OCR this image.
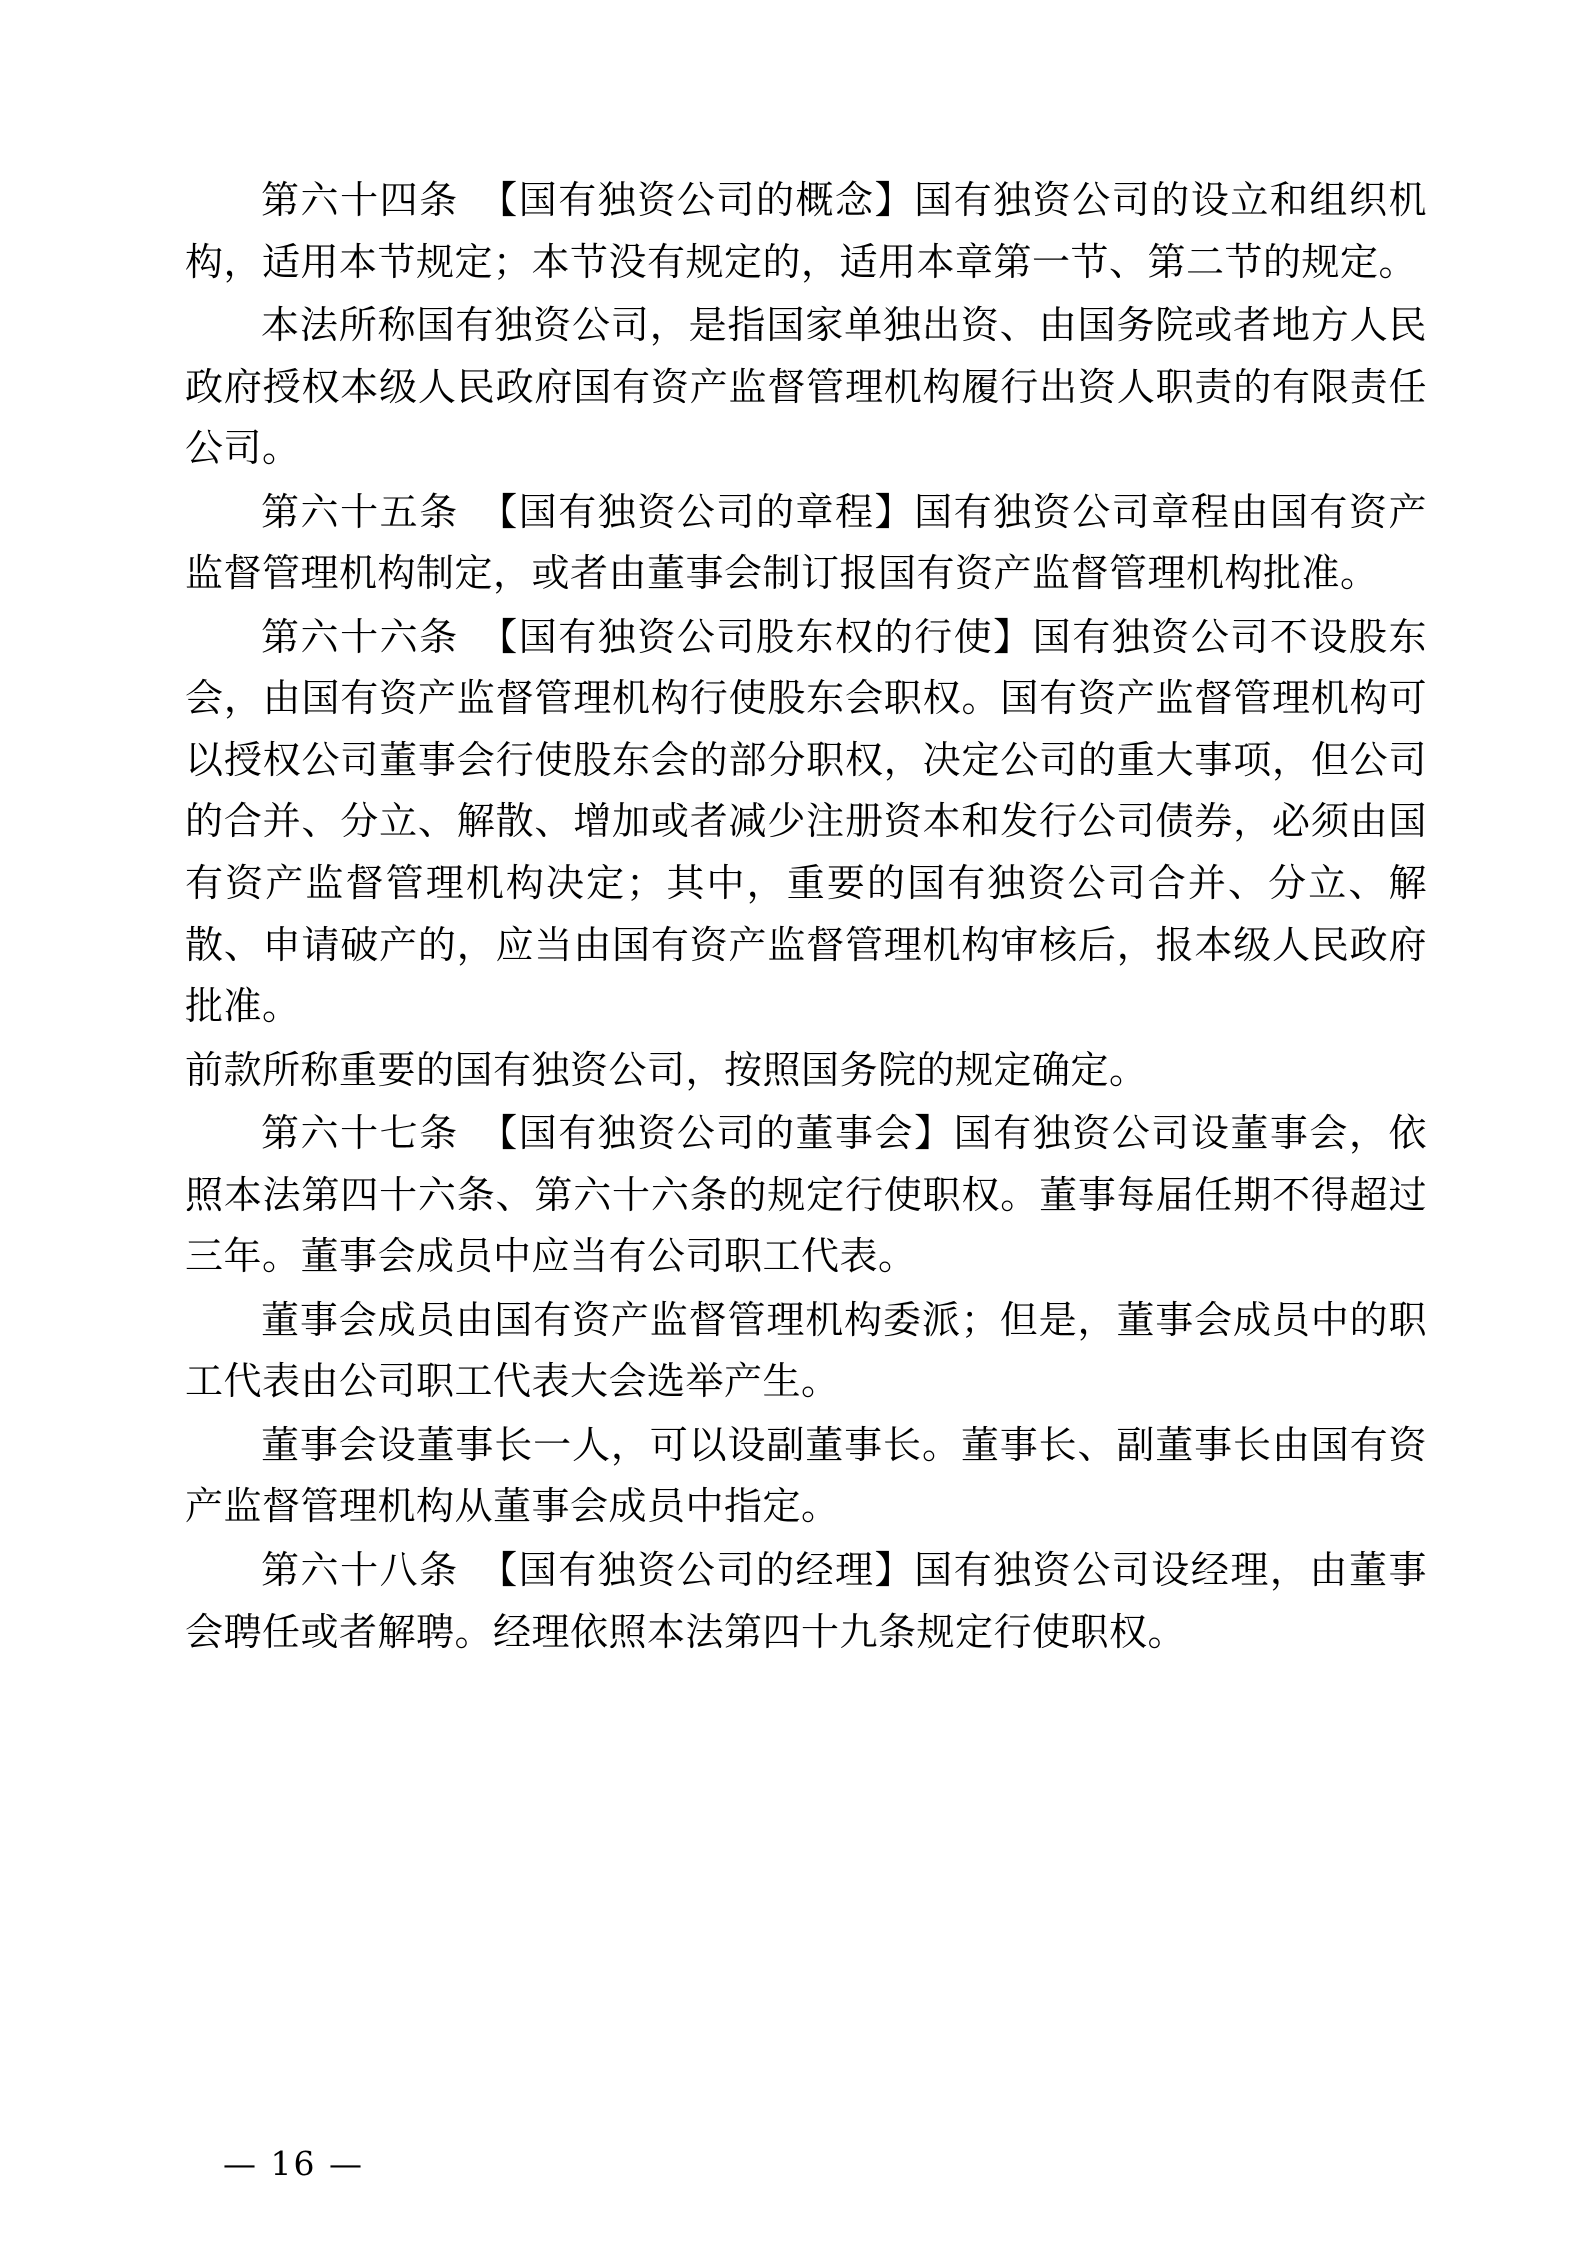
第六十四条　【国有独资公司的概念】国有独资公司的设立和组织机构，适用本节规定；本节没有规定的，适用本章第一节、第二节的规定。

本法所称国有独资公司，是指国家单独出资、由国务院或者地方人民政府授权本级人民政府国有资产监督管理机构履行出资人职责的有限责任公司。

第六十五条　【国有独资公司的章程】国有独资公司章程由国有资产监督管理机构制定，或者由董事会制订报国有资产监督管理机构批准。

第六十六条　【国有独资公司股东权的行使】国有独资公司不设股东会，由国有资产监督管理机构行使股东会职权。国有资产监督管理机构可以授权公司董事会行使股东会的部分职权，决定公司的重大事项，但公司的合并、分立、解散、增加或者减少注册资本和发行公司债券，必须由国有资产监督管理机构决定；其中，重要的国有独资公司合并、分立、解散、申请破产的，应当由国有资产监督管理机构审核后，报本级人民政府批准。

前款所称重要的国有独资公司，按照国务院的规定确定。

第六十七条　【国有独资公司的董事会】国有独资公司设董事会，依照本法第四十六条、第六十六条的规定行使职权。董事每届任期不得超过三年。董事会成员中应当有公司职工代表。

董事会成员由国有资产监督管理机构委派；但是，董事会成员中的职工代表由公司职工代表大会选举产生。

董事会设董事长一人，可以设副董事长。董事长、副董事长由国有资产监督管理机构从董事会成员中指定。

第六十八条　【国有独资公司的经理】国有独资公司设经理，由董事会聘任或者解聘。经理依照本法第四十九条规定行使职权。

— 16 —
